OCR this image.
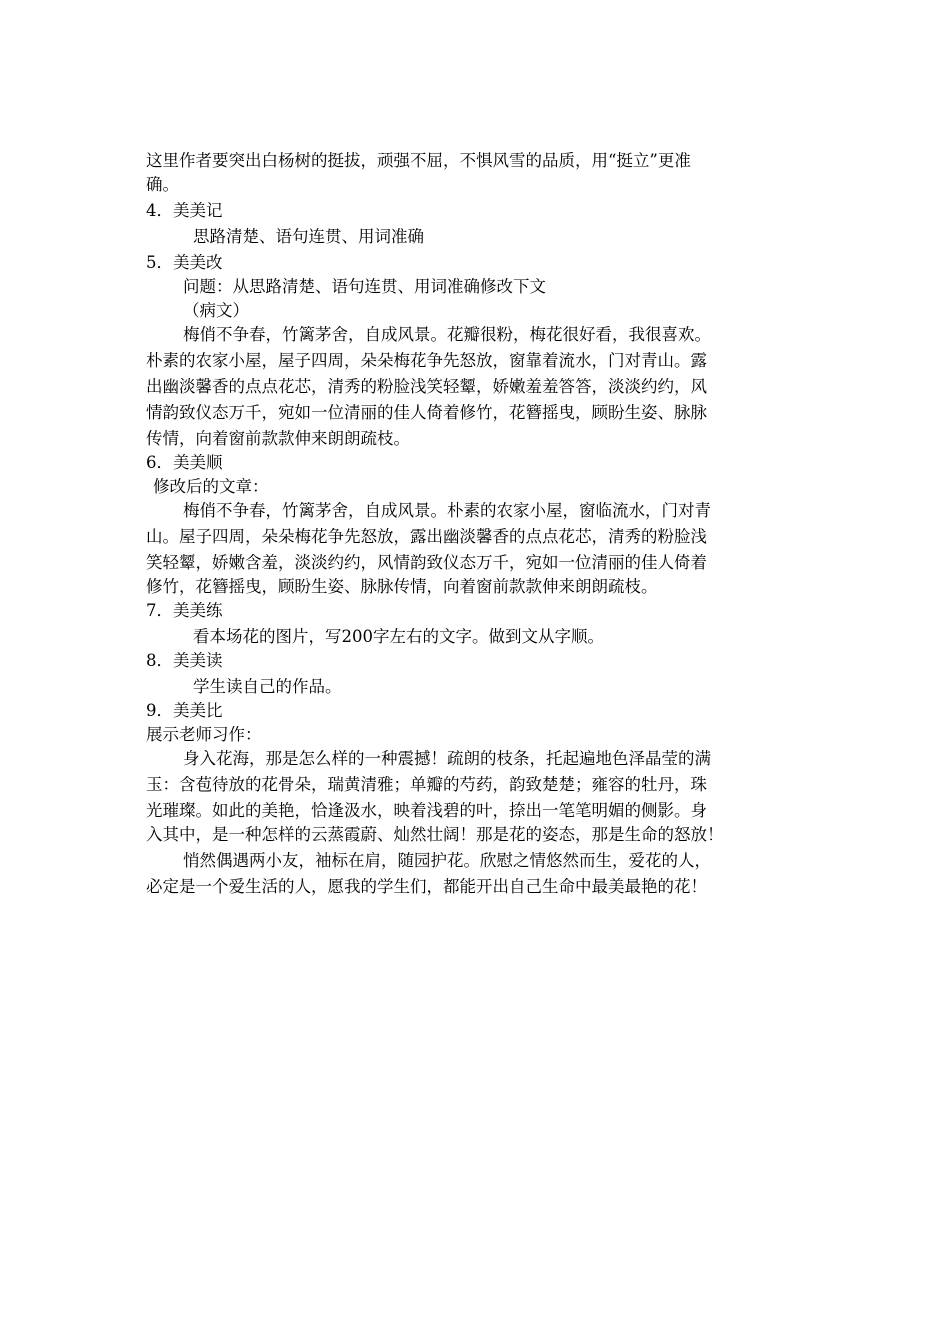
这里作者要突出白杨树的挺拔，顽强不屈，不惧风雪的品质，用“挺立”更准
确。
4．美美记
思路清楚、语句连贯、用词准确
5．美美改
问题：从思路清楚、语句连贯、用词准确修改下文
（病文）
梅俏不争春，竹篱茅舍，自成风景。花瓣很粉，梅花很好看，我很喜欢。
朴素的农家小屋，屋子四周，朵朵梅花争先怒放，窗靠着流水，门对青山。露
出幽淡馨香的点点花芯，清秀的粉脸浅笑轻颦，娇嫩羞羞答答，淡淡约约，风
情韵致仪态万千，宛如一位清丽的佳人倚着修竹，花簪摇曳，顾盼生姿、脉脉
传情，向着窗前款款伸来朗朗疏枝。
6．美美顺
修改后的文章：
梅俏不争春，竹篱茅舍，自成风景。朴素的农家小屋，窗临流水，门对青
山。屋子四周，朵朵梅花争先怒放，露出幽淡馨香的点点花芯，清秀的粉脸浅
笑轻颦，娇嫩含羞，淡淡约约，风情韵致仪态万千，宛如一位清丽的佳人倚着
修竹，花簪摇曳，顾盼生姿、脉脉传情，向着窗前款款伸来朗朗疏枝。
7．美美练
看本场花的图片，写200字左右的文字。做到文从字顺。
8．美美读
学生读自己的作品。
9．美美比
展示老师习作：
身入花海，那是怎么样的一种震撼！疏朗的枝条，托起遍地色泽晶莹的满
玉：含苞待放的花骨朵，瑞黄清雅；单瓣的芍药，韵致楚楚；雍容的牡丹，珠
光璀璨。如此的美艳，恰逢汲水，映着浅碧的叶，捺出一笔笔明媚的侧影。身
入其中，是一种怎样的云蒸霞蔚、灿然壮阔！那是花的姿态，那是生命的怒放！
悄然偶遇两小友，袖标在肩，随园护花。欣慰之情悠然而生，爱花的人，
必定是一个爱生活的人，愿我的学生们，都能开出自己生命中最美最艳的花！
